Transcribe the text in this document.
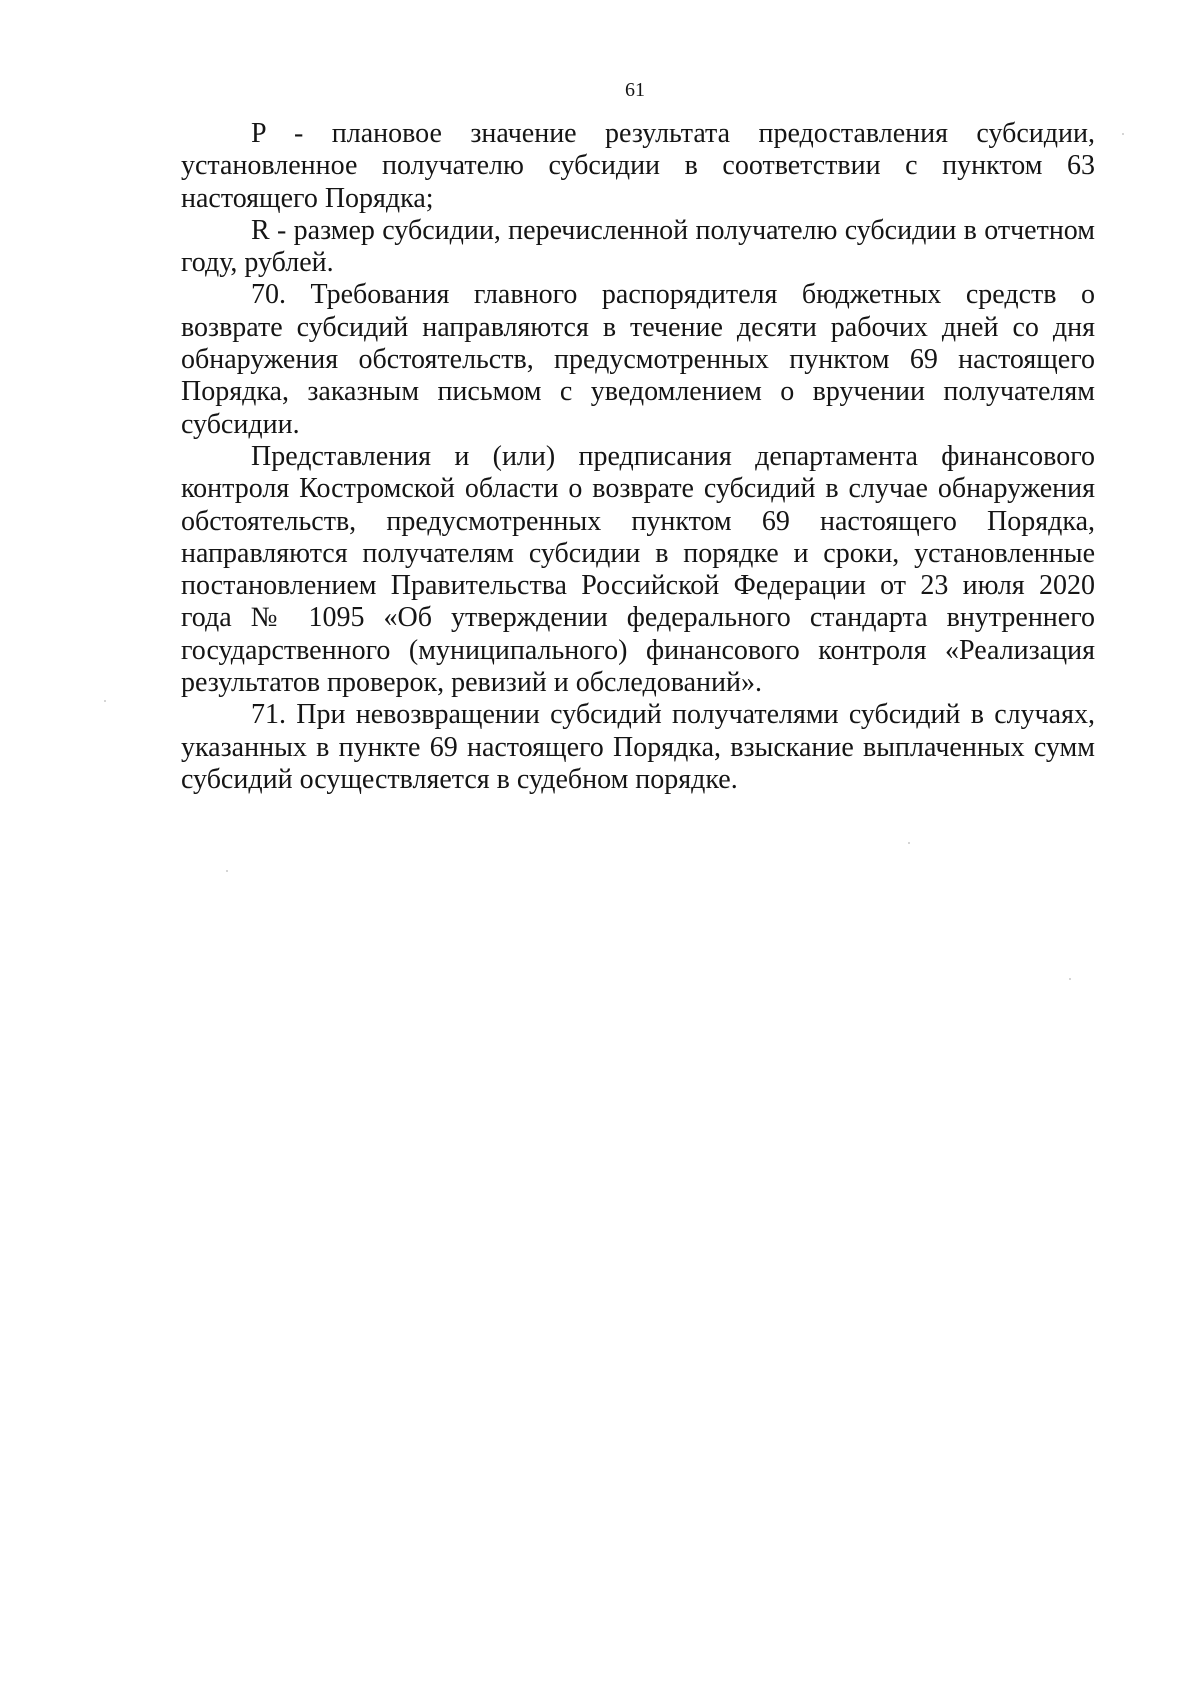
61

P - плановое значение результата предоставления субсидии, установленное получателю субсидии в соответствии с пунктом 63 настоящего Порядка;

R - размер субсидии, перечисленной получателю субсидии в отчетном году, рублей.

70. Требования главного распорядителя бюджетных средств о возврате субсидий направляются в течение десяти рабочих дней со дня обнаружения обстоятельств, предусмотренных пунктом 69 настоящего Порядка, заказным письмом с уведомлением о вручении получателям субсидии.

Представления и (или) предписания департамента финансового контроля Костромской области о возврате субсидий в случае обнаружения обстоятельств, предусмотренных пунктом 69 настоящего Порядка, направляются получателям субсидии в порядке и сроки, установленные постановлением Правительства Российской Федерации от 23 июля 2020 года № 1095 «Об утверждении федерального стандарта внутреннего государственного (муниципального) финансового контроля «Реализация результатов проверок, ревизий и обследований».

71. При невозвращении субсидий получателями субсидий в случаях, указанных в пункте 69 настоящего Порядка, взыскание выплаченных сумм субсидий осуществляется в судебном порядке.
